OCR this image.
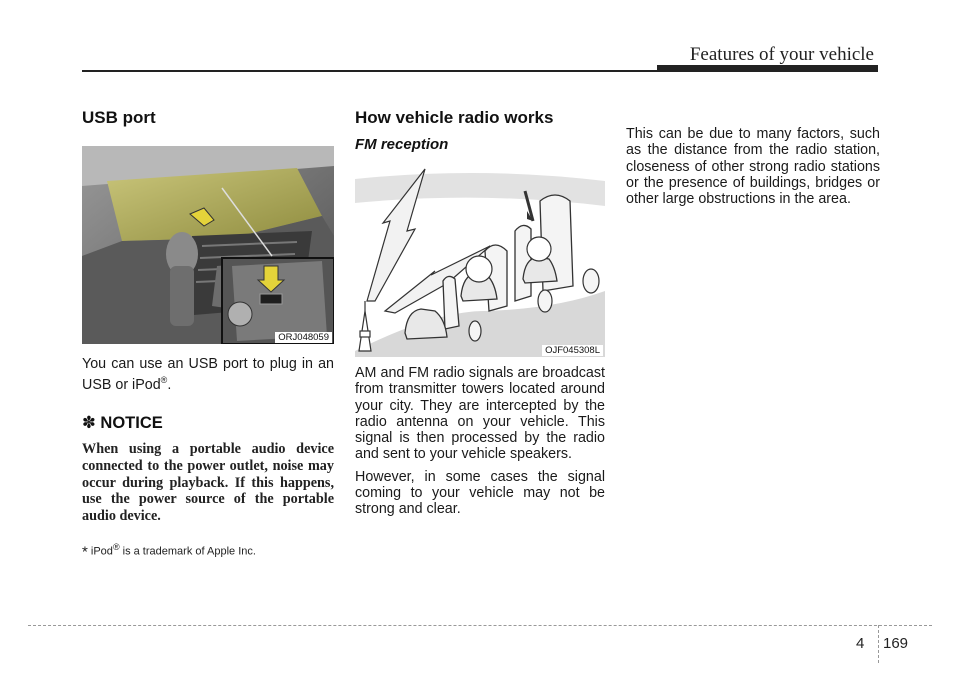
Features of your vehicle
USB port
ORJ048059

You can use an USB port to plug in an USB or iPod®.

✽ NOTICE
When using a portable audio device connected to the power outlet, noise may occur during playback. If this happens, use the power source of the portable audio device.
* iPod® is a trademark of Apple Inc.
How vehicle radio works
FM reception
OJF045308L

AM and FM radio signals are broadcast from transmitter towers located around your city. They are intercepted by the radio antenna on your vehicle. This signal is then processed by the radio and sent to your vehicle speakers.

However, in some cases the signal coming to your vehicle may not be strong and clear.

This can be due to many factors, such as the distance from the radio station, closeness of other strong radio stations or the presence of buildings, bridges or other large obstructions in the area.

4 169
